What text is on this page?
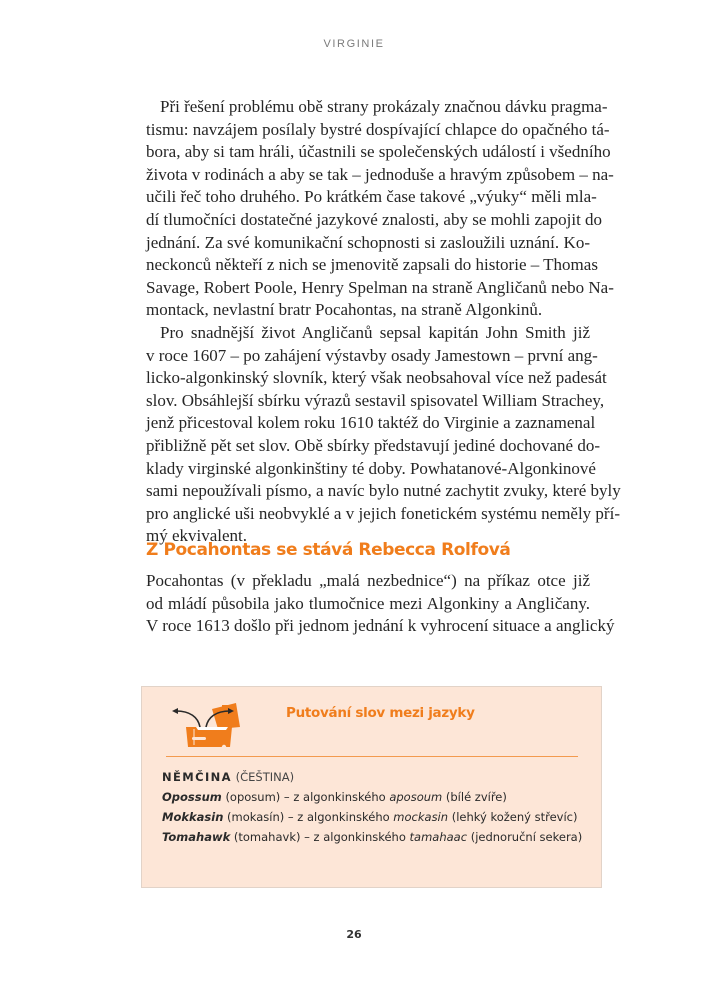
VIRGINIE

Při řešení problému obě strany prokázaly značnou dávku pragma-
tismu: navzájem posílaly bystré dospívající chlapce do opačného tá-
bora, aby si tam hráli, účastnili se společenských událostí i všedního
života v rodinách a aby se tak – jednoduše a hravým způsobem – na-
učili řeč toho druhého. Po krátkém čase takové „výuky“ měli mla-
dí tlumočníci dostatečné jazykové znalosti, aby se mohli zapojit do
jednání. Za své komunikační schopnosti si zasloužili uznání. Ko-
neckonců někteří z nich se jmenovitě zapsali do historie – Thomas
Savage, Robert Poole, Henry Spelman na straně Angličanů nebo Na-
montack, nevlastní bratr Pocahontas, na straně Algonkinů.

Pro snadnější život Angličanů sepsal kapitán John Smith již
v roce 1607 – po zahájení výstavby osady Jamestown – první ang-
licko-algonkinský slovník, který však neobsahoval více než padesát
slov. Obsáhlejší sbírku výrazů sestavil spisovatel William Strachey,
jenž přicestoval kolem roku 1610 taktéž do Virginie a zaznamenal
přibližně pět set slov. Obě sbírky představují jediné dochované do-
klady virginské algonkinštiny té doby. Powhatanové-Algonkinové
sami nepoužívali písmo, a navíc bylo nutné zachytit zvuky, které byly
pro anglické uši neobvyklé a v jejich fonetickém systému neměly pří-
mý ekvivalent.

Z Pocahontas se stává Rebecca Rolfová

Pocahontas (v překladu „malá nezbednice“) na příkaz otce již
od mládí působila jako tlumočnice mezi Algonkiny a Angličany.
V roce 1613 došlo při jednom jednání k vyhrocení situace a anglický

Putování slov mezi jazyky
NĚMČINA (ČEŠTINA)
Opossum (oposum) – z algonkinského aposoum (bílé zvíře)
Mokkasin (mokasín) – z algonkinského mockasin (lehký kožený střevíc)
Tomahawk (tomahavk) – z algonkinského tamahaac (jednoruční sekera)
26
